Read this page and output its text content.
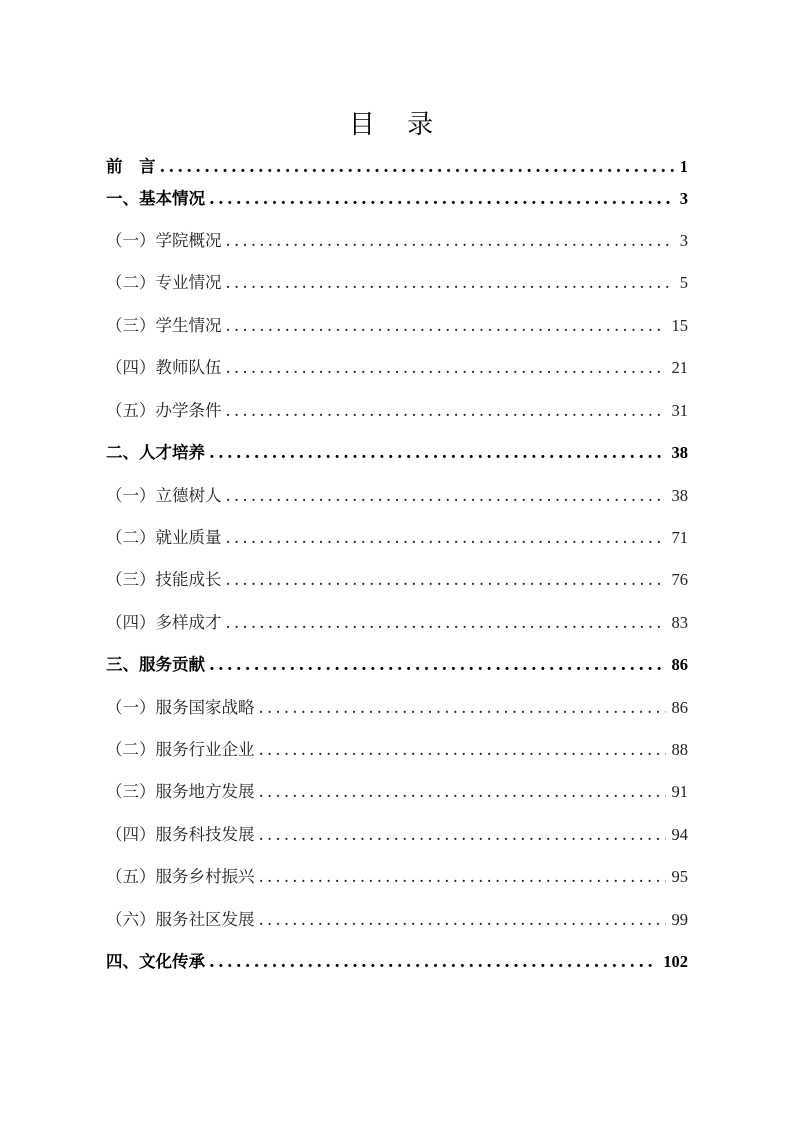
目 录
前　言 .....	1
一、基本情况 .....	3
（一）学院概况 .....	3
（二）专业情况 .....	5
（三）学生情况 .....	15
（四）教师队伍 .....	21
（五）办学条件 .....	31
二、人才培养 .....	38
（一）立德树人 .....	38
（二）就业质量 .....	71
（三）技能成长 .....	76
（四）多样成才 .....	83
三、服务贡献 .....	86
（一）服务国家战略 .....	86
（二）服务行业企业 .....	88
（三）服务地方发展 .....	91
（四）服务科技发展 .....	94
（五）服务乡村振兴 .....	95
（六）服务社区发展 .....	99
四、文化传承 .....	102
